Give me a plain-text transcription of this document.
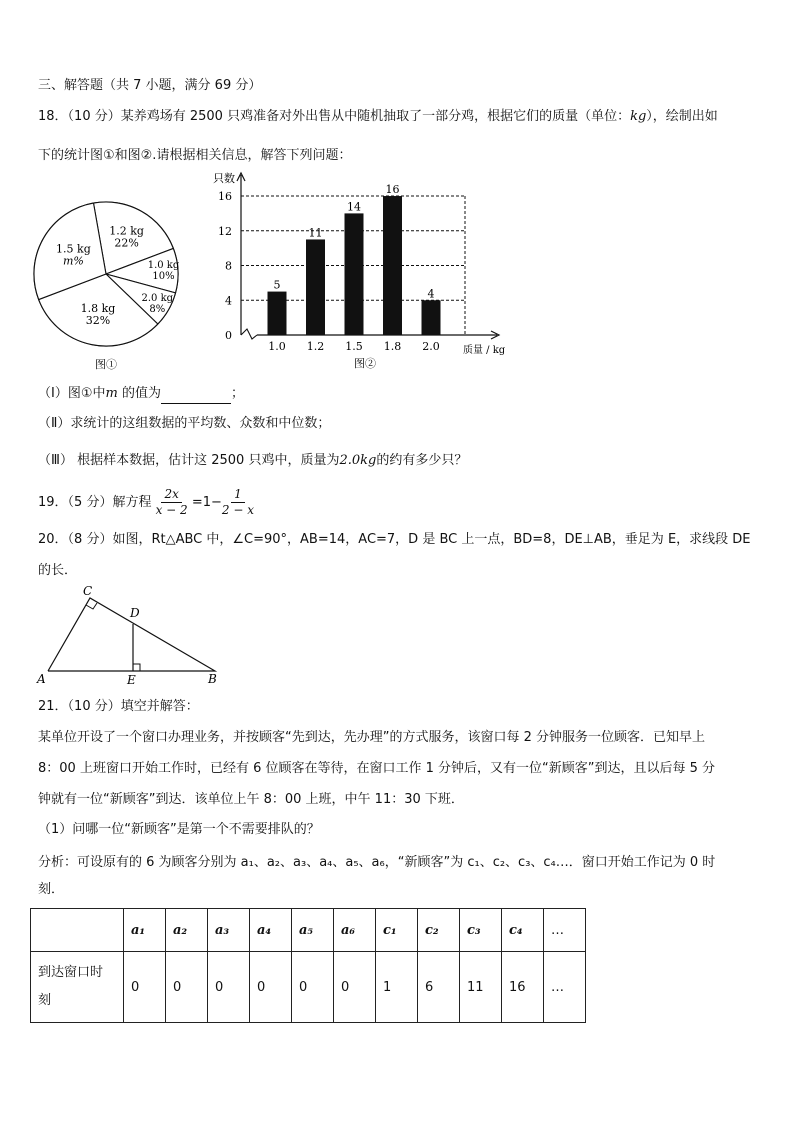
三、解答题（共 7 小题，满分 69 分）
18．（10 分）某养鸡场有 2500 只鸡准备对外出售从中随机抽取了一部分鸡，根据它们的质量（单位：kg），绘制出如
下的统计图①和图②.请根据相关信息，解答下列问题：
1.2 kg
22%
1.0 kg
10%
2.0 kg
8%
1.8 kg
32%
1.5 kg
m%
图①
0
4
8
12
16
5
1.0
11
1.2
14
1.5
16
1.8
4
2.0
只数
质量 / kg
图②
（Ⅰ）图①中m 的值为	；
（Ⅱ）求统计的这组数据的平均数、众数和中位数；
（Ⅲ） 根据样本数据，估计这 2500 只鸡中，质量为2.0kg的约有多少只？
19．（5 分）解方程 $\frac{2x}{x - 2} =1- \frac{1}{2 - x}$
20．（8 分）如图，Rt△ABC 中，∠C=90°，AB=14，AC=7，D 是 BC 上一点，BD=8，DE⊥AB，垂足为 E，求线段 DE
的长．
C
D
A	E	B
21．（10 分）填空并解答：
某单位开设了一个窗口办理业务，并按顾客“先到达，先办理”的方式服务，该窗口每 2 分钟服务一位顾客．已知早上
8：00 上班窗口开始工作时，已经有 6 位顾客在等待，在窗口工作 1 分钟后，又有一位“新顾客”到达，且以后每 5 分
钟就有一位“新顾客”到达．该单位上午 8：00 上班，中午 11：30 下班．
（1）问哪一位“新顾客”是第一个不需要排队的？
分析：可设原有的 6 为顾客分别为 a₁、a₂、a₃、a₄、a₅、a₆，“新顾客”为 c₁、c₂、c₃、c₄…．窗口开始工作记为 0 时
刻．
	a₁	a₂	a₃	a₄	a₅	a₆	c₁	c₂	c₃	c₄	…
到达窗口时
刻	0	0	0	0	0	0	1	6	11	16	…
